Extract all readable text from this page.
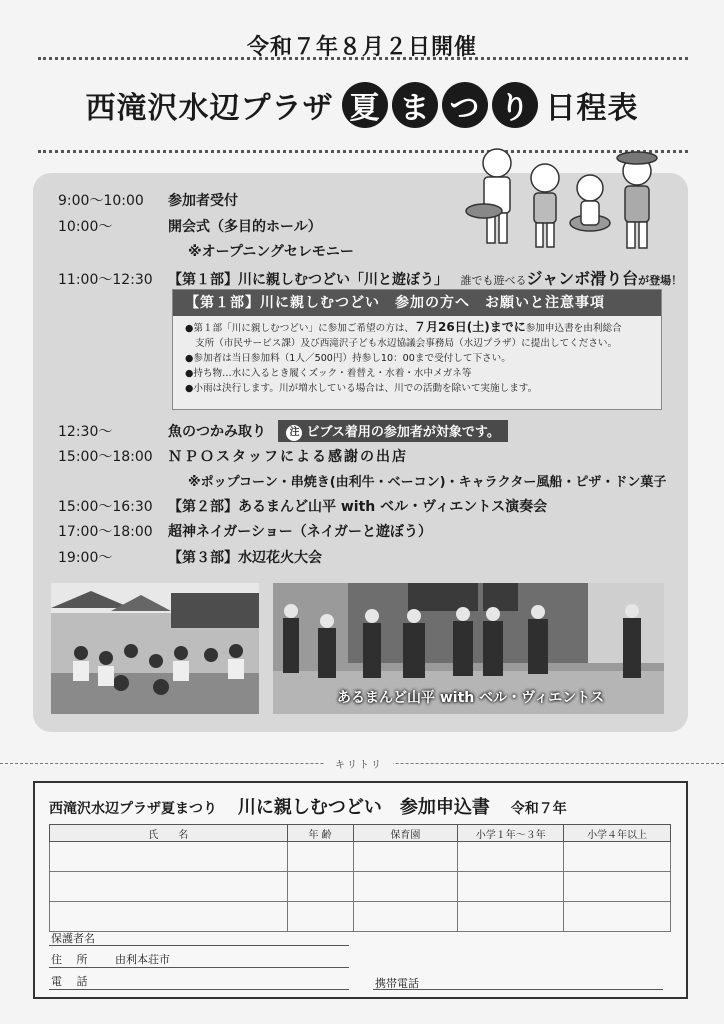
令和７年８月２日開催
西滝沢水辺プラザ 夏 ま つ り 日程表
9:00～10:00 参加者受付
10:00～	開会式（多目的ホール）
※オープニングセレモニー
11:00～12:30 【第１部】川に親しむつどい「川と遊ぼう」 誰でも遊べるジャンボ滑り台が登場！
【第１部】川に親しむつどい　参加の方へ　お願いと注意事項
●第１部「川に親しむつどい」に参加ご希望の方は、７月26日(土)までに参加申込書を由利総合
支所（市民サービス課）及び西滝沢子ども水辺協議会事務局（水辺プラザ）に提出してください。
●参加者は当日参加料（1人／500円）持参し10：00まで受付して下さい。
●持ち物…水に入るとき履くズック・着替え・水着・水中メガネ等
●小雨は決行します。川が増水している場合は、川での活動を除いて実施します。
12:30～	魚のつかみ取り 注 ビブス着用の参加者が対象です。
15:00～18:00 ＮＰＯスタッフによる感謝の出店
※ポップコーン・串焼き(由利牛・ベーコン)・キャラクター風船・ピザ・ドン菓子
15:00～16:30 【第２部】あるまんど山平 with ベル・ヴィエントス演奏会
17:00～18:00 超神ネイガーショー（ネイガーと遊ぼう）
19:00～	【第３部】水辺花火大会
あるまんど山平 with ベル・ヴィエントス
キリトリ
西滝沢水辺プラザ夏まつり 川に親しむつどい　参加申込書 令和７年
氏　　名	年 齢	保育園	小学１年～３年	小学４年以上

保護者名
住　 所	由利本荘市
電　 話	携帯電話
